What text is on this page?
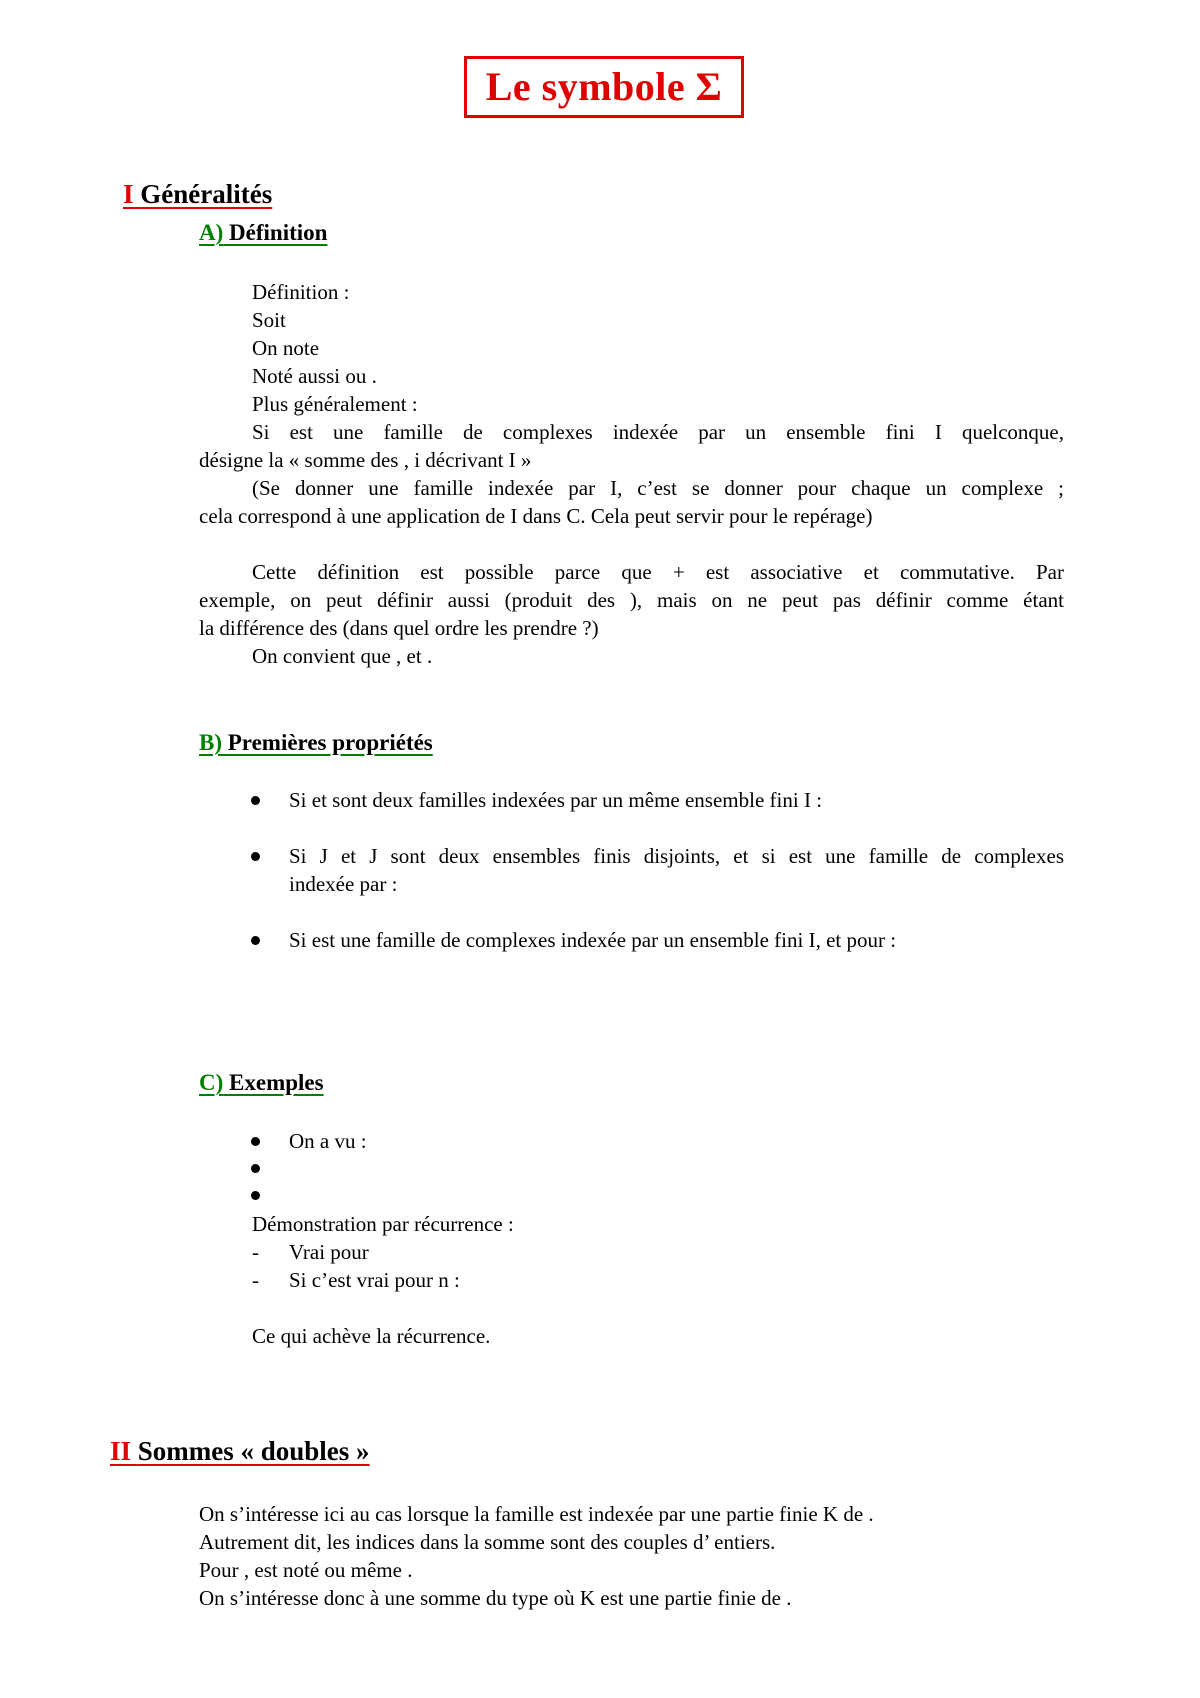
Le symbole Σ
I Généralités
A) Définition
Définition :
Soit
On note
Noté aussi ou .
Plus généralement :
Si est une famille de complexes indexée par un ensemble fini I quelconque,
désigne la « somme des , i décrivant I »
(Se donner une famille indexée par I, c’est se donner pour chaque un complexe ;
cela correspond à une application de I dans C. Cela peut servir pour le repérage)
Cette définition est possible parce que + est associative et commutative. Par
exemple, on peut définir aussi (produit des ), mais on ne peut pas définir comme étant
la différence des (dans quel ordre les prendre ?)
On convient que , et .
B) Premières propriétés
Si et sont deux familles indexées par un même ensemble fini I :
Si J et J sont deux ensembles finis disjoints, et si est une famille de complexes
indexée par :
Si est une famille de complexes indexée par un ensemble fini I, et pour :
C) Exemples
On a vu :
Démonstration par récurrence :
- Vrai pour
- Si c’est vrai pour n :
Ce qui achève la récurrence.
II Sommes « doubles »
On s’intéresse ici au cas lorsque la famille est indexée par une partie finie K de .
Autrement dit, les indices dans la somme sont des couples d’ entiers.
Pour , est noté ou même .
On s’intéresse donc à une somme du type où K est une partie finie de .
